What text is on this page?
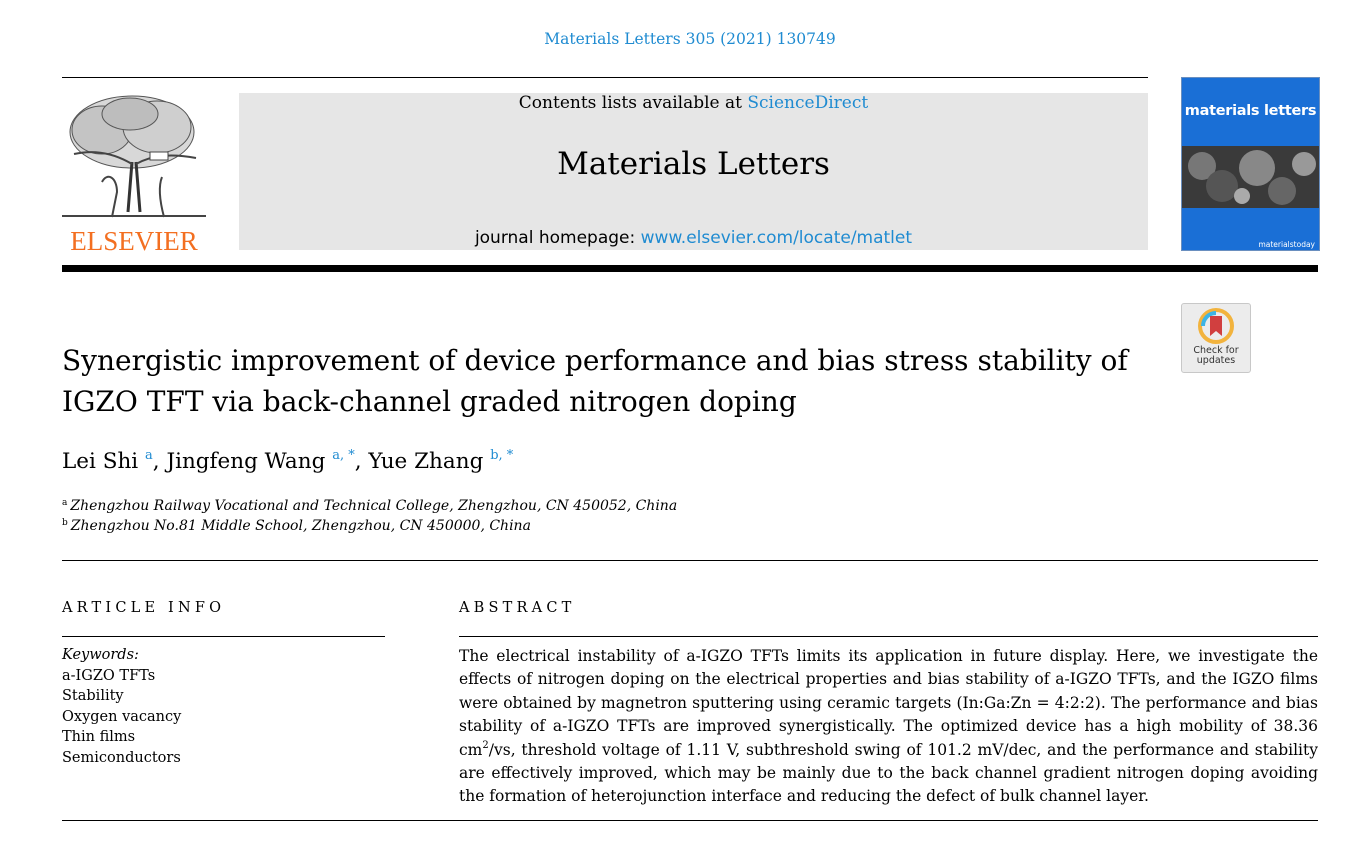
Materials Letters 305 (2021) 130749
ELSEVIER
Contents lists available at ScienceDirect
Materials Letters
journal homepage: www.elsevier.com/locate/matlet
materials letters
materialstoday
Check for
updates
Synergistic improvement of device performance and bias stress stability of
IGZO TFT via back-channel graded nitrogen doping
Lei Shi $^a$, Jingfeng Wang $^{a, *}$, Yue Zhang $^{b, *}$
$^a$ Zhengzhou Railway Vocational and Technical College, Zhengzhou, CN 450052, China
$^b$ Zhengzhou No.81 Middle School, Zhengzhou, CN 450000, China
ARTICLE INFO
Keywords:
a-IGZO TFTs
Stability
Oxygen vacancy
Thin films
Semiconductors
ABSTRACT
The electrical instability of a-IGZO TFTs limits its application in future display. Here, we investigate the effects of nitrogen doping on the electrical properties and bias stability of a-IGZO TFTs, and the IGZO films were obtained by magnetron sputtering using ceramic targets (In:Ga:Zn = 4:2:2). The performance and bias stability of a-IGZO TFTs are improved synergistically. The optimized device has a high mobility of 38.36 $cm^2/vs$, threshold voltage of 1.11 V, subthreshold swing of 101.2 mV/dec, and the performance and stability are effectively improved, which may be mainly due to the back channel gradient nitrogen doping avoiding the formation of heterojunction interface and reducing the defect of bulk channel layer.
